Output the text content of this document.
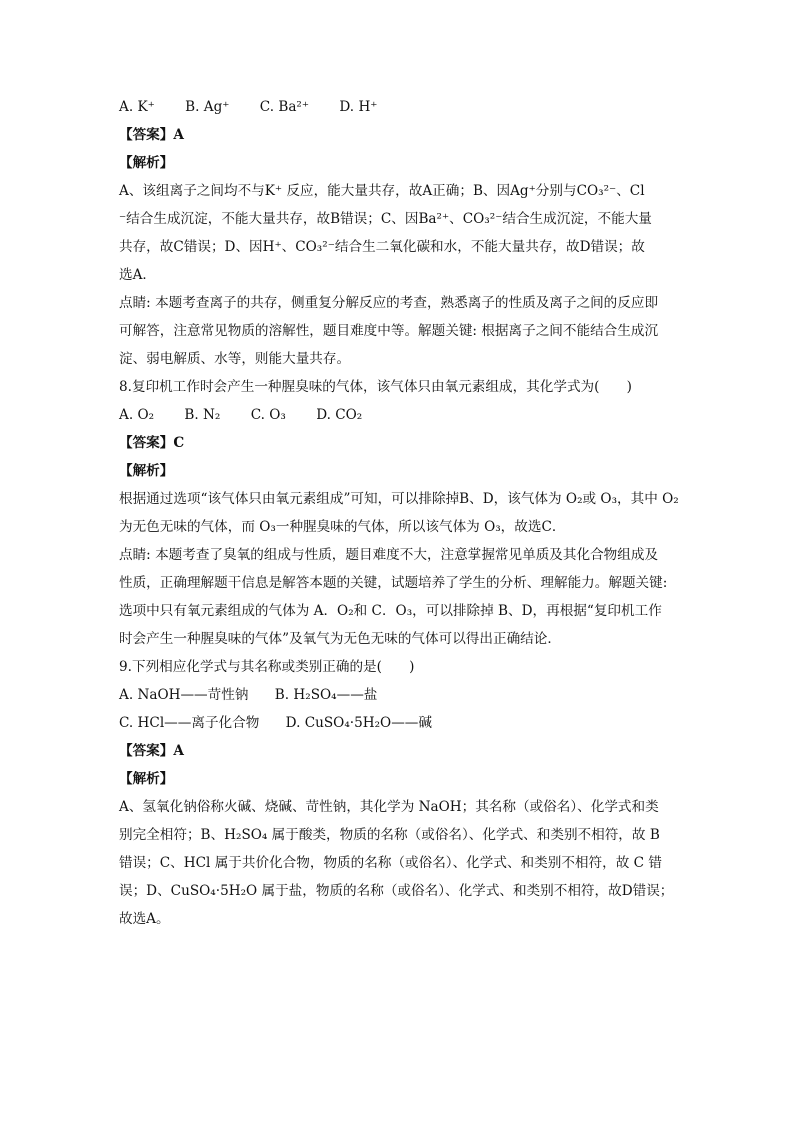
A. K⁺ B. Ag⁺ C. Ba²⁺ D. H⁺
【答案】A
【解析】
A、该组离子之间均不与K⁺ 反应，能大量共存，故A正确；B、因Ag⁺分别与CO₃²⁻、Cl
⁻结合生成沉淀，不能大量共存，故B错误；C、因Ba²⁺、CO₃²⁻结合生成沉淀，不能大量
共存，故C错误；D、因H⁺、CO₃²⁻结合生二氧化碳和水，不能大量共存，故D错误；故
选A．
点睛: 本题考查离子的共存，侧重复分解反应的考查，熟悉离子的性质及离子之间的反应即
可解答，注意常见物质的溶解性，题目难度中等。解题关键: 根据离子之间不能结合生成沉
淀、弱电解质、水等，则能大量共存。
8.复印机工作时会产生一种腥臭味的气体，该气体只由氧元素组成，其化学式为(　　)
A. O₂ B. N₂ C. O₃ D. CO₂
【答案】C
【解析】
根据通过选项“该气体只由氧元素组成”可知，可以排除掉B、D，该气体为 O₂或 O₃，其中 O₂
为无色无味的气体，而 O₃一种腥臭味的气体，所以该气体为 O₃，故选C．
点睛: 本题考查了臭氧的组成与性质，题目难度不大，注意掌握常见单质及其化合物组成及
性质，正确理解题干信息是解答本题的关键，试题培养了学生的分析、理解能力。解题关键:
选项中只有氧元素组成的气体为 A．O₂和 C．O₃，可以排除掉 B、D，再根据“复印机工作
时会产生一种腥臭味的气体”及氧气为无色无味的气体可以得出正确结论．
9.下列相应化学式与其名称或类别正确的是(　　)
A. NaOH——苛性钠 B. H₂SO₄——盐
C. HCl——离子化合物 D. CuSO₄·5H₂O——碱
【答案】A
【解析】
A、氢氧化钠俗称火碱、烧碱、苛性钠，其化学为 NaOH；其名称（或俗名）、化学式和类
别完全相符；B、H₂SO₄ 属于酸类，物质的名称（或俗名）、化学式、和类别不相符，故 B
错误；C、HCl 属于共价化合物，物质的名称（或俗名）、化学式、和类别不相符，故 C 错
误；D、CuSO₄·5H₂O 属于盐，物质的名称（或俗名）、化学式、和类别不相符，故D错误；
故选A。
